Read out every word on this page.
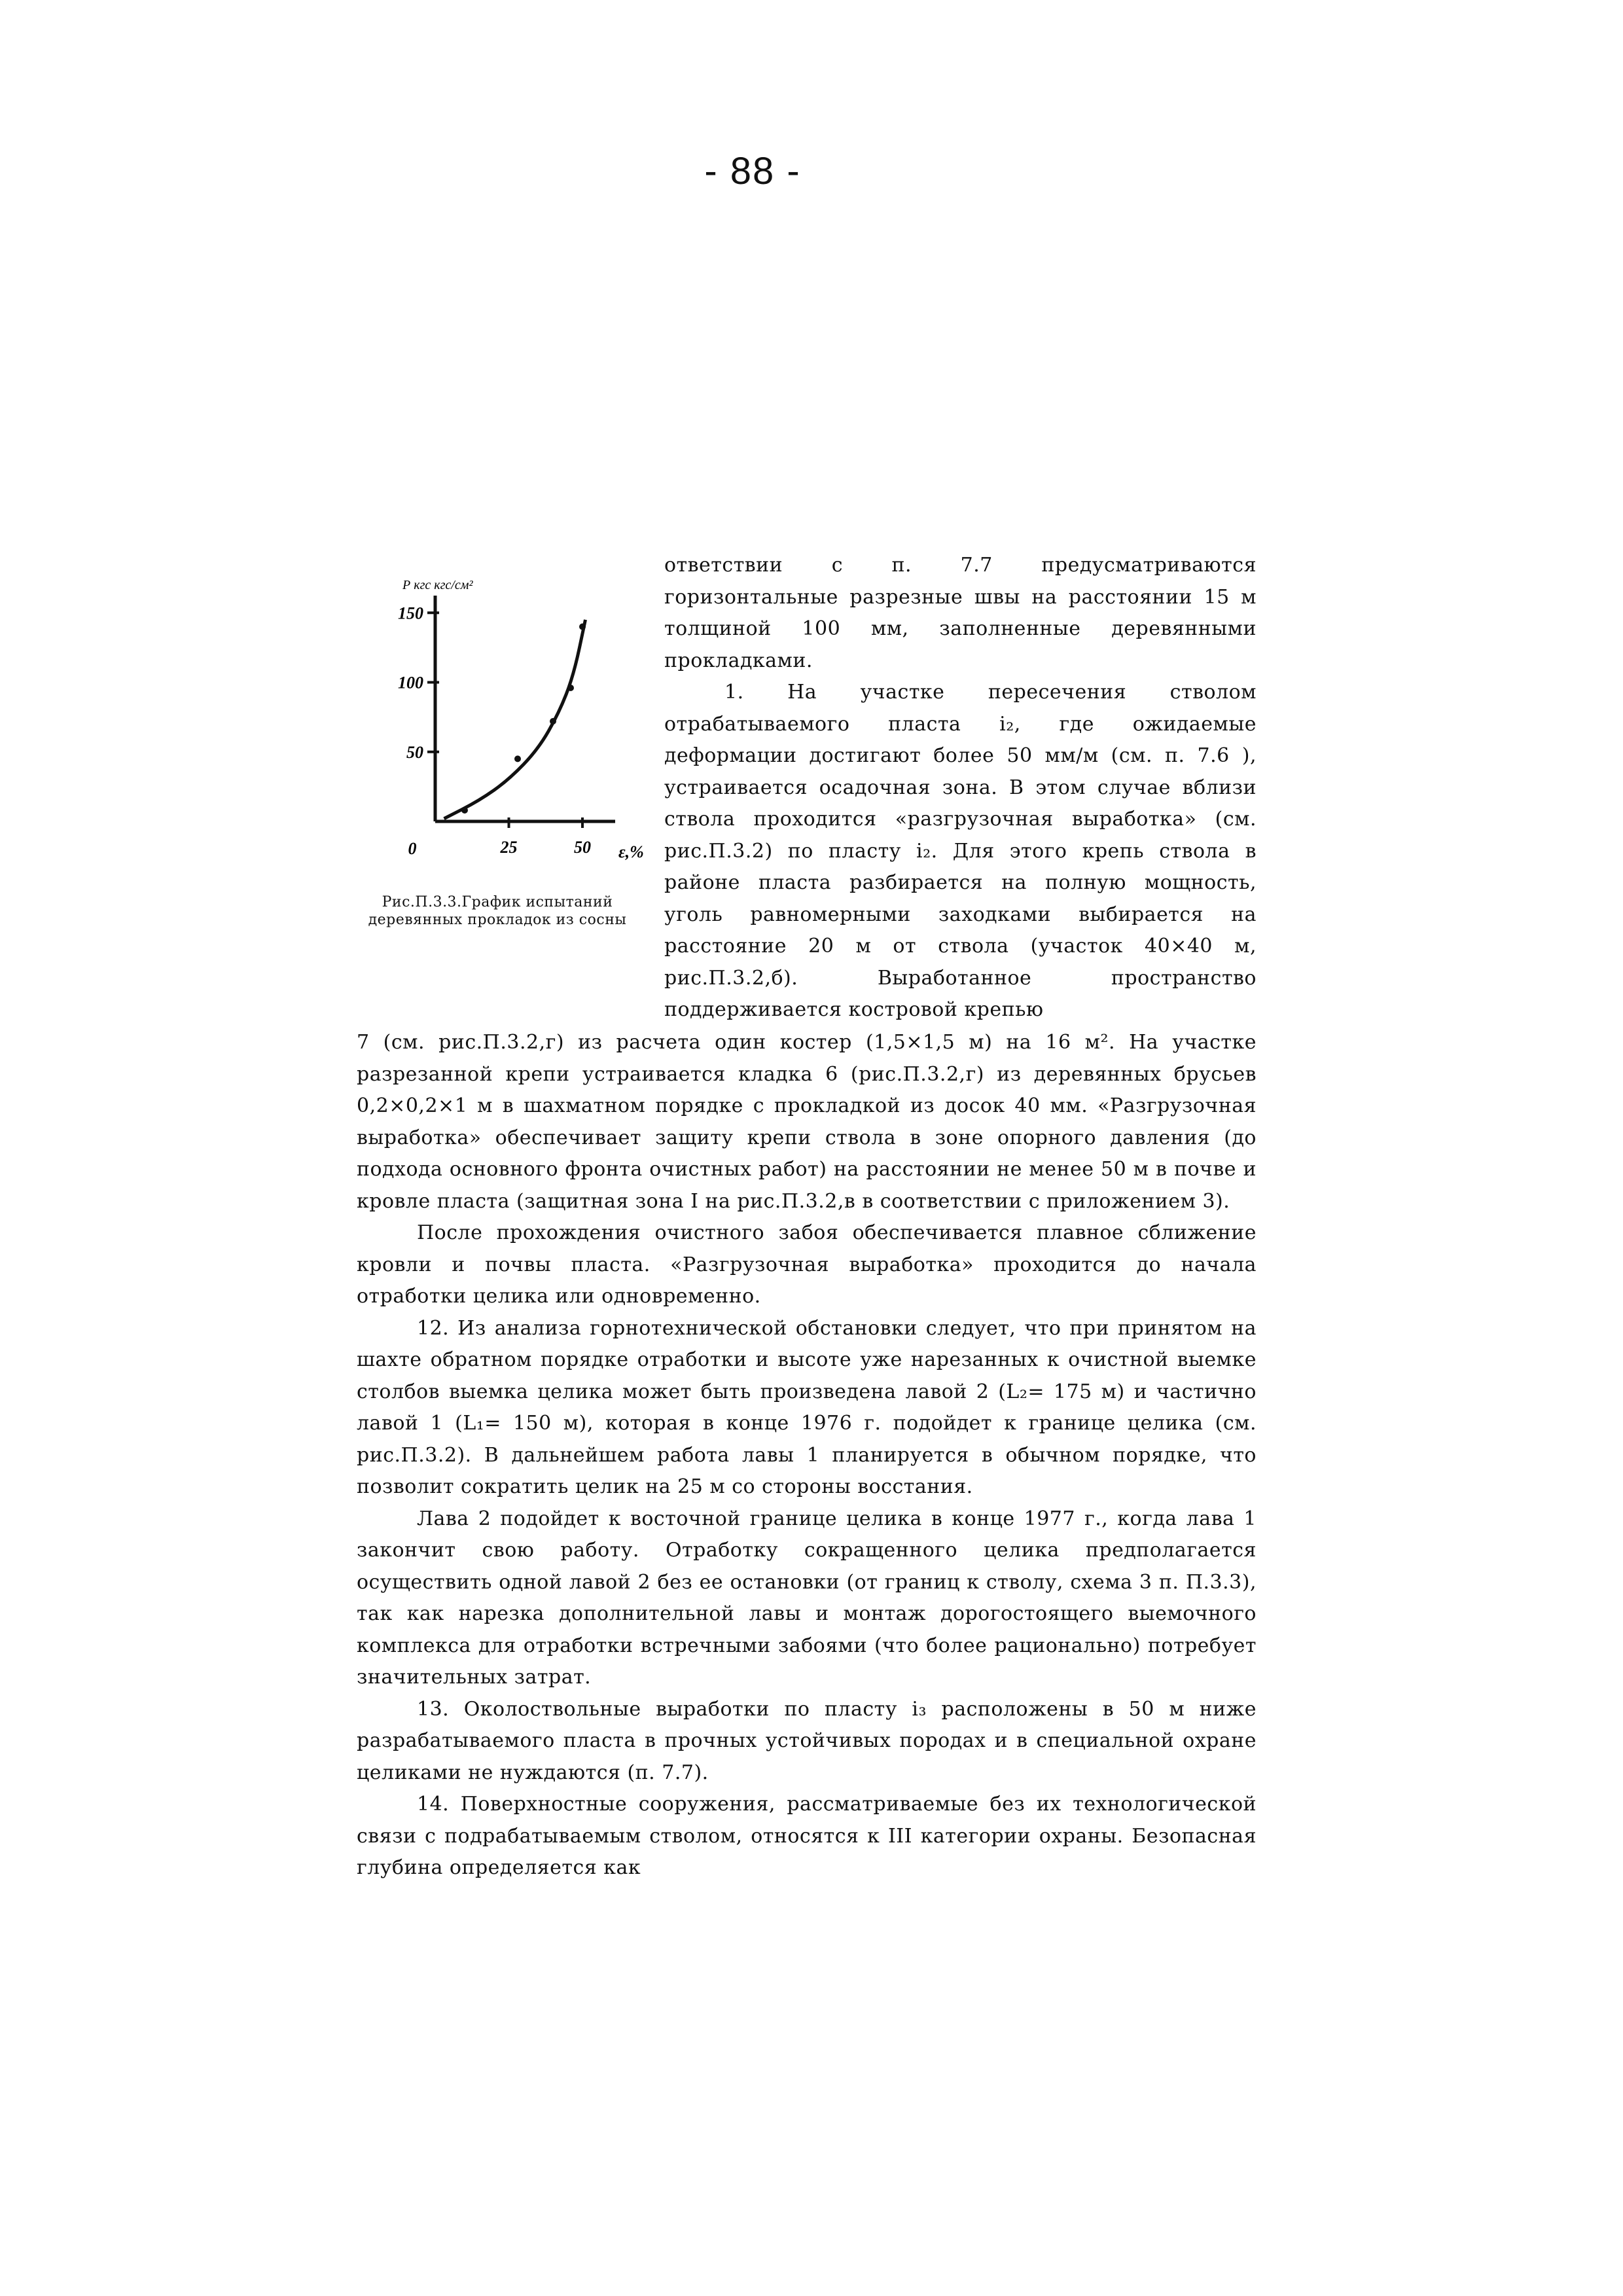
- 88 -
Р кгс кгс/см²
ε,%
50
100
150
0	25	50
Рис.П.3.3.График испытаний деревянных прокладок из сосны

ответствии с п. 7.7 предусматриваются горизонтальные разрезные швы на расстоянии 15 м толщиной 100 мм, заполненные деревянными прокладками.

1. На участке пересечения стволом отрабатываемого пласта i₂, где ожидаемые деформации достигают более 50 мм/м (см. п. 7.6 ), устраивается осадочная зона. В этом случае вблизи ствола проходится «разгрузочная выработка» (см. рис.П.3.2) по пласту i₂. Для этого крепь ствола в районе пласта разбирается на полную мощность, уголь равномерными заходками выбирается на расстояние 20 м от ствола (участок 40×40 м, рис.П.3.2,б). Выработанное пространство поддерживается костровой крепью

7 (см. рис.П.3.2,г) из расчета один костер (1,5×1,5 м) на 16 м². На участке разрезанной крепи устраивается кладка 6 (рис.П.3.2,г) из деревянных брусьев 0,2×0,2×1 м в шахматном порядке с прокладкой из досок 40 мм. «Разгрузочная выработка» обеспечивает защиту крепи ствола в зоне опорного давления (до подхода основного фронта очистных работ) на расстоянии не менее 50 м в почве и кровле пласта (защитная зона I на рис.П.3.2,в в соответствии с приложением 3).

После прохождения очистного забоя обеспечивается плавное сближение кровли и почвы пласта. «Разгрузочная выработка» проходится до начала отработки целика или одновременно.

12. Из анализа горнотехнической обстановки следует, что при принятом на шахте обратном порядке отработки и высоте уже нарезанных к очистной выемке столбов выемка целика может быть произведена лавой 2 (L₂= 175 м) и частично лавой 1 (L₁= 150 м), которая в конце 1976 г. подойдет к границе целика (см. рис.П.3.2). В дальнейшем работа лавы 1 планируется в обычном порядке, что позволит сократить целик на 25 м со стороны восстания.

Лава 2 подойдет к восточной границе целика в конце 1977 г., когда лава 1 закончит свою работу. Отработку сокращенного целика предполагается осуществить одной лавой 2 без ее остановки (от границ к стволу, схема 3 п. П.3.3), так как нарезка дополнительной лавы и монтаж дорогостоящего выемочного комплекса для отработки встречными забоями (что более рационально) потребует значительных затрат.

13. Околоствольные выработки по пласту i₃ расположены в 50 м ниже разрабатываемого пласта в прочных устойчивых породах и в специальной охране целиками не нуждаются (п. 7.7).

14. Поверхностные сооружения, рассматриваемые без их технологической связи с подрабатываемым стволом, относятся к III категории охраны. Безопасная глубина определяется как
